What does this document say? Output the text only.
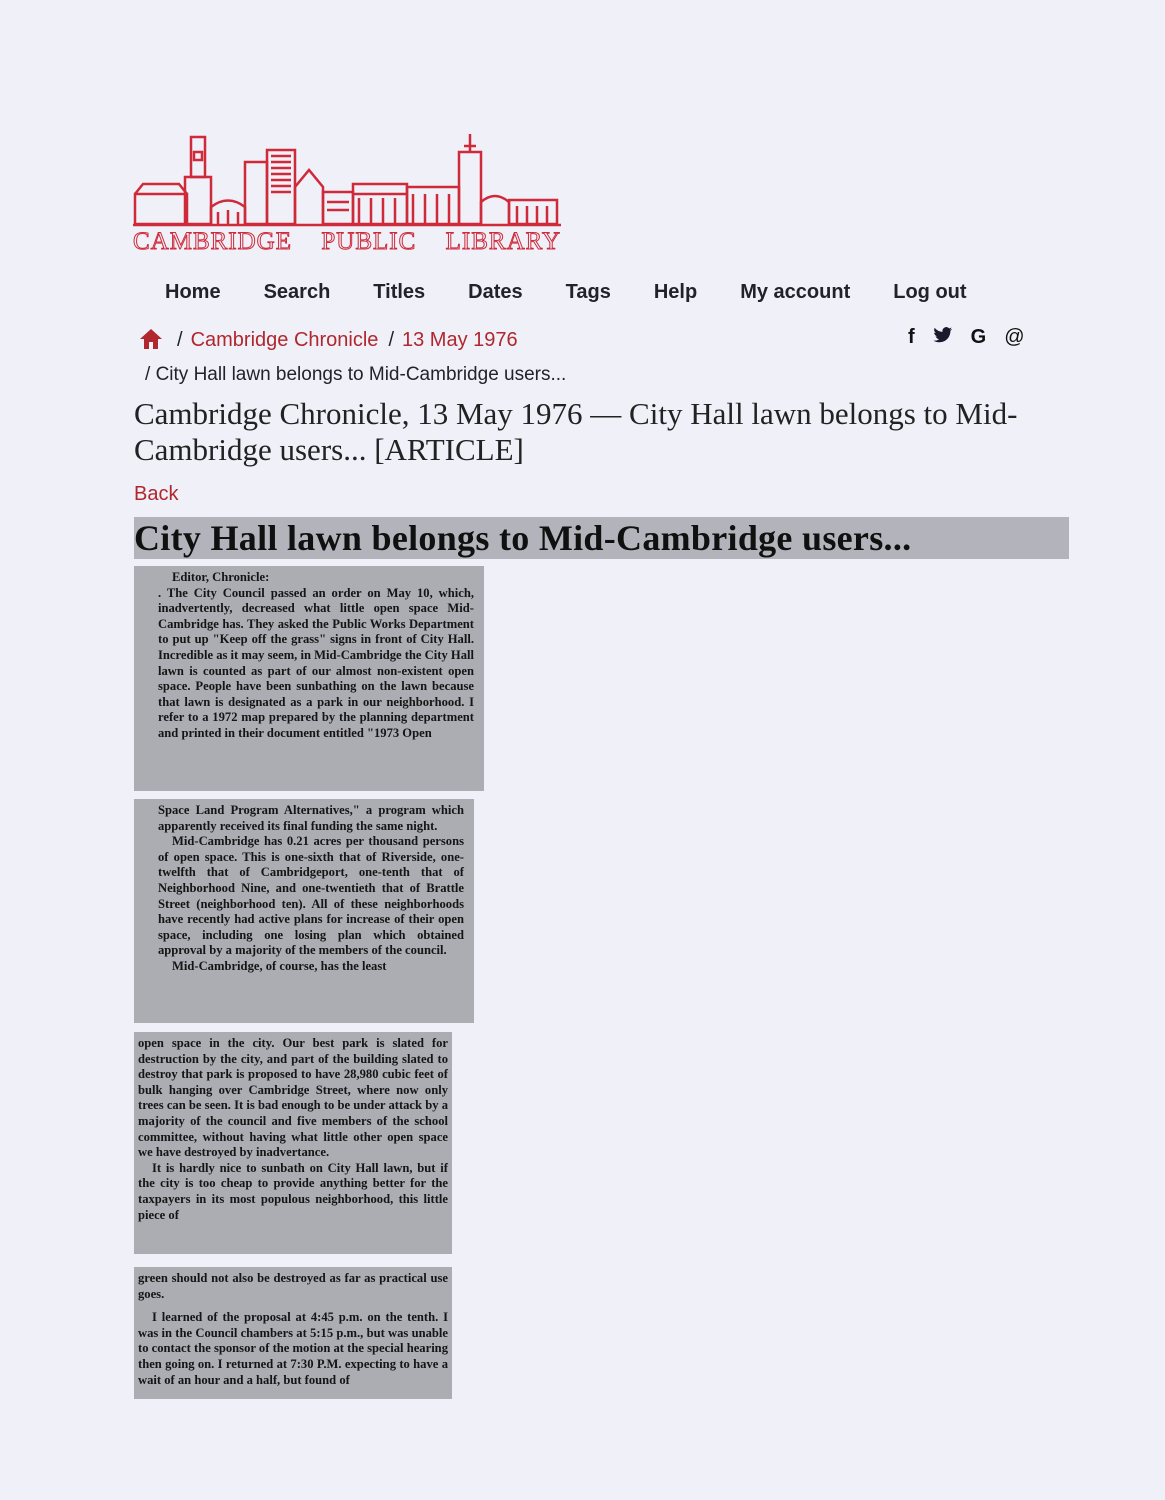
CAMBRIDGE PUBLIC LIBRARY
Home Search Titles Dates Tags Help My account Log out
/ Cambridge Chronicle / 13 May 1976
/ City Hall lawn belongs to Mid-Cambridge users...
f	G @
Cambridge Chronicle, 13 May 1976 — City Hall lawn belongs to Mid-Cambridge users... [ARTICLE]
Back
City Hall lawn belongs to Mid-Cambridge users...

Editor, Chronicle:

. The City Council passed an order on May 10, which, inadvertently, decreased what little open space Mid-Cambridge has. They asked the Public Works Department to put up "Keep off the grass" signs in front of City Hall. Incredible as it may seem, in Mid-Cambridge the City Hall lawn is counted as part of our almost non-existent open space. People have been sunbathing on the lawn because that lawn is designated as a park in our neighborhood. I refer to a 1972 map prepared by the planning department and printed in their document entitled "1973 Open

Space Land Program Alternatives," a program which apparently received its final funding the same night.

Mid-Cambridge has 0.21 acres per thousand persons of open space. This is one-sixth that of Riverside, one-twelfth that of Cambridgeport, one-tenth that of Neighborhood Nine, and one-twentieth that of Brattle Street (neighborhood ten). All of these neighborhoods have recently had active plans for increase of their open space, including one losing plan which obtained approval by a majority of the members of the council.

Mid-Cambridge, of course, has the least

open space in the city. Our best park is slated for destruction by the city, and part of the building slated to destroy that park is proposed to have 28,980 cubic feet of bulk hanging over Cambridge Street, where now only trees can be seen. It is bad enough to be under attack by a majority of the council and five members of the school committee, without having what little other open space we have destroyed by inadvertance.

It is hardly nice to sunbath on City Hall lawn, but if the city is too cheap to provide anything better for the taxpayers in its most populous neighborhood, this little piece of

green should not also be destroyed as far as practical use goes.

I learned of the proposal at 4:45 p.m. on the tenth. I was in the Council chambers at 5:15 p.m., but was unable to contact the sponsor of the motion at the special hearing then going on. I returned at 7:30 P.M. expecting to have a wait of an hour and a half, but found of
